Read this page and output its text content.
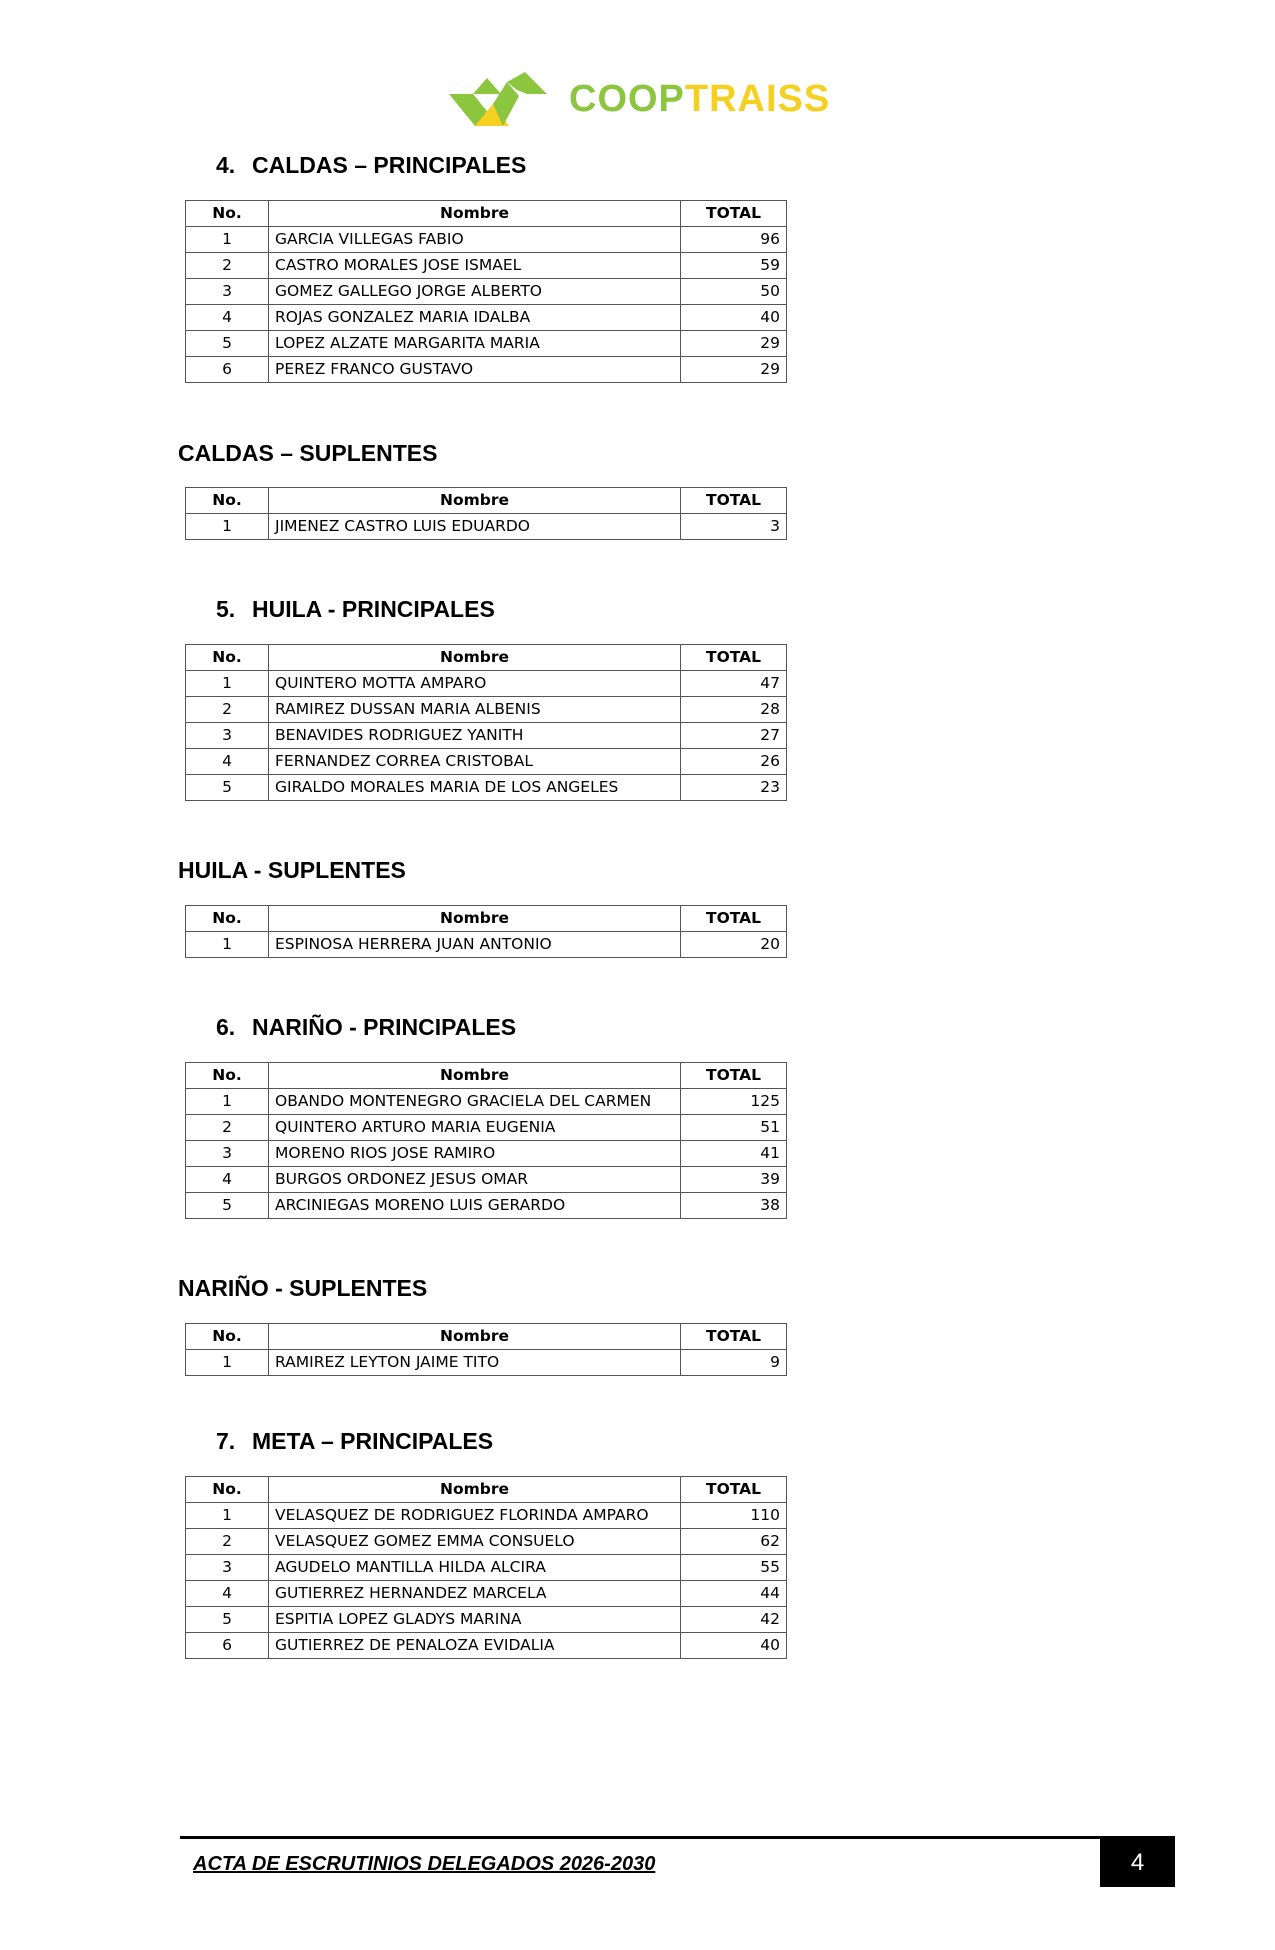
COOPTRAISS
4. CALDAS – PRINCIPALES
No.	Nombre	TOTAL
1	GARCIA VILLEGAS FABIO	96
2	CASTRO MORALES JOSE ISMAEL	59
3	GOMEZ GALLEGO JORGE ALBERTO	50
4	ROJAS GONZALEZ MARIA IDALBA	40
5	LOPEZ ALZATE MARGARITA MARIA	29
6	PEREZ FRANCO GUSTAVO	29
CALDAS – SUPLENTES
No.	Nombre	TOTAL
1	JIMENEZ CASTRO LUIS EDUARDO	3
5. HUILA - PRINCIPALES
No.	Nombre	TOTAL
1	QUINTERO MOTTA AMPARO	47
2	RAMIREZ DUSSAN MARIA ALBENIS	28
3	BENAVIDES RODRIGUEZ YANITH	27
4	FERNANDEZ CORREA CRISTOBAL	26
5	GIRALDO MORALES MARIA DE LOS ANGELES	23
HUILA - SUPLENTES
No.	Nombre	TOTAL
1	ESPINOSA HERRERA JUAN ANTONIO	20
6. NARIÑO - PRINCIPALES
No.	Nombre	TOTAL
1	OBANDO MONTENEGRO GRACIELA DEL CARMEN	125
2	QUINTERO ARTURO MARIA EUGENIA	51
3	MORENO RIOS JOSE RAMIRO	41
4	BURGOS ORDONEZ JESUS OMAR	39
5	ARCINIEGAS MORENO LUIS GERARDO	38
NARIÑO - SUPLENTES
No.	Nombre	TOTAL
1	RAMIREZ LEYTON JAIME TITO	9
7. META – PRINCIPALES
No.	Nombre	TOTAL
1	VELASQUEZ DE RODRIGUEZ FLORINDA AMPARO	110
2	VELASQUEZ GOMEZ EMMA CONSUELO	62
3	AGUDELO MANTILLA HILDA ALCIRA	55
4	GUTIERREZ HERNANDEZ MARCELA	44
5	ESPITIA LOPEZ GLADYS MARINA	42
6	GUTIERREZ DE PENALOZA EVIDALIA	40
ACTA DE ESCRUTINIOS DELEGADOS 2026-2030	4
